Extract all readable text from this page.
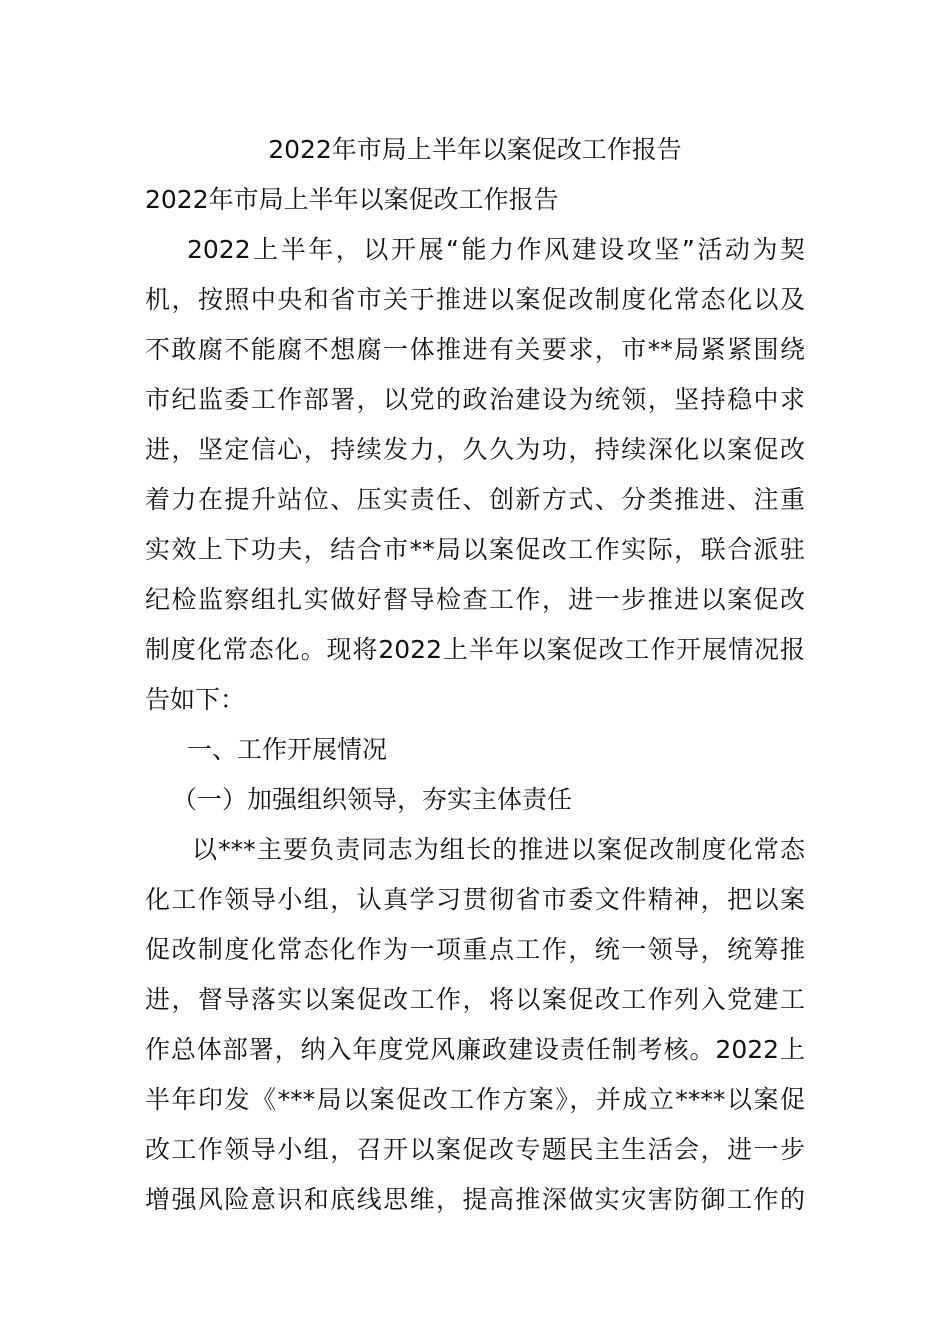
2022年市局上半年以案促改工作报告
2022年市局上半年以案促改工作报告
2022上半年，以开展“能力作风建设攻坚”活动为契
机，按照中央和省市关于推进以案促改制度化常态化以及
不敢腐不能腐不想腐一体推进有关要求，市**局紧紧围绕
市纪监委工作部署，以党的政治建设为统领，坚持稳中求
进，坚定信心，持续发力，久久为功，持续深化以案促改
着力在提升站位、压实责任、创新方式、分类推进、注重
实效上下功夫，结合市**局以案促改工作实际，联合派驻
纪检监察组扎实做好督导检查工作，进一步推进以案促改
制度化常态化。现将2022上半年以案促改工作开展情况报
告如下：
一、工作开展情况
（一）加强组织领导，夯实主体责任
以***主要负责同志为组长的推进以案促改制度化常态
化工作领导小组，认真学习贯彻省市委文件精神，把以案
促改制度化常态化作为一项重点工作，统一领导，统筹推
进，督导落实以案促改工作，将以案促改工作列入党建工
作总体部署，纳入年度党风廉政建设责任制考核。2022上
半年印发《***局以案促改工作方案》，并成立****以案促
改工作领导小组，召开以案促改专题民主生活会，进一步
增强风险意识和底线思维，提高推深做实灾害防御工作的
